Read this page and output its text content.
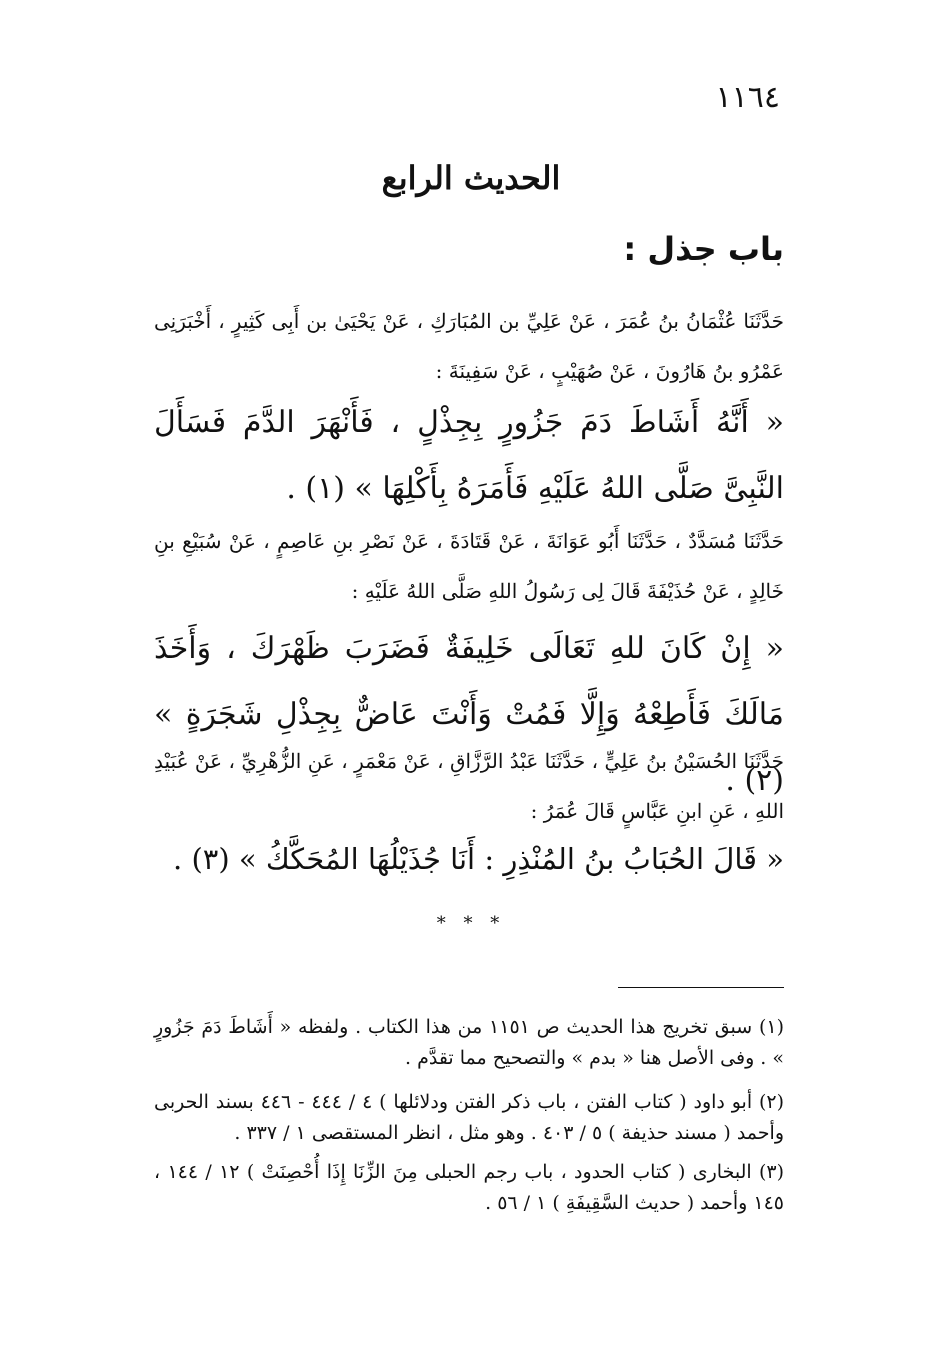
١١٦٤
الحديث الرابع
باب جذل :
حَدَّثَنَا عُثْمَانُ بنُ عُمَرَ ، عَنْ عَلِيِّ بن المُبَارَكِ ، عَنْ يَحْيَىٰ بن أَبِى كَثِيرٍ ، أَخْبَرَنِى عَمْرُو بنُ هَارُونَ ، عَنْ صُهَيْبٍ ، عَنْ سَفِينَةَ :
« أَنَّهُ أَشَاطَ دَمَ جَزُورٍ بِجِذْلٍ ، فَأَنْهَرَ الدَّمَ فَسَأَلَ النَّبِىَّ صَلَّى اللهُ عَلَيْهِ فَأَمَرَهُ بِأَكْلِهَا » (١) .
حَدَّثَنَا مُسَدَّدٌ ، حَدَّثَنَا أَبُو عَوَانَةَ ، عَنْ قَتَادَةَ ، عَنْ نَصْرِ بنِ عَاصِمٍ ، عَنْ سُبَيْعِ بنِ خَالِدٍ ، عَنْ حُذَيْفَةَ قَالَ لِى رَسُولُ اللهِ صَلَّى اللهُ عَلَيْهِ :
« إِنْ كَانَ للهِ تَعَالَى خَلِيفَةٌ فَضَرَبَ ظَهْرَكَ ، وَأَخَذَ مَالَكَ فَأَطِعْهُ وَإِلَّا فَمُتْ وَأَنْتَ عَاضٌّ بِجِذْلِ شَجَرَةٍ » (٢) .
حَدَّثَنَا الحُسَيْنُ بنُ عَلِيٍّ ، حَدَّثَنَا عَبْدُ الرَّزَّاقِ ، عَنْ مَعْمَرٍ ، عَنِ الزُّهْرِيِّ ، عَنْ عُبَيْدِ اللهِ ، عَنِ ابنِ عَبَّاسٍ قَالَ عُمَرُ :
« قَالَ الحُبَابُ بنُ المُنْذِرِ : أَنَا جُذَيْلُهَا المُحَكَّكُ » (٣) .
* * *
(١) سبق تخريج هذا الحديث ص ١١٥١ من هذا الكتاب . ولفظه « أَشَاطَ دَمَ جَزُورٍ » . وفى الأصل هنا « بدم » والتصحيح مما تقدَّم .
(٢) أبو داود ( كتاب الفتن ، باب ذكر الفتن ودلائلها ) ٤ / ٤٤٤ - ٤٤٦ بسند الحربى وأحمد ( مسند حذيفة ) ٥ / ٤٠٣ . وهو مثل ، انظر المستقصى ١ / ٣٣٧ .
(٣) البخارى ( كتاب الحدود ، باب رجم الحبلى مِنَ الزِّنَا إِذَا أُحْصِنَتْ ) ١٢ / ١٤٤ ، ١٤٥ وأحمد ( حديث السَّقِيفَةِ ) ١ / ٥٦ .
